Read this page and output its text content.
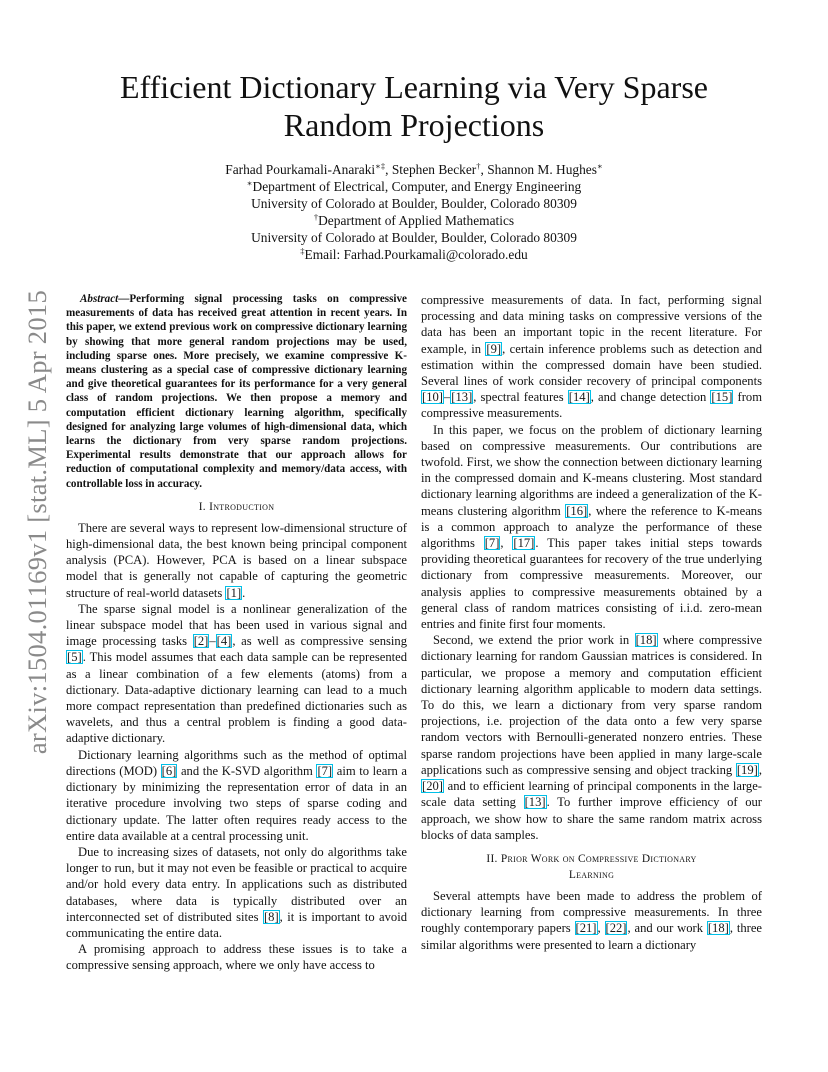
arXiv:1504.01169v1 [stat.ML] 5 Apr 2015
Efficient Dictionary Learning via Very Sparse
Random Projections
Farhad Pourkamali-Anaraki∗‡, Stephen Becker†, Shannon M. Hughes∗
∗Department of Electrical, Computer, and Energy Engineering
University of Colorado at Boulder, Boulder, Colorado 80309
†Department of Applied Mathematics
University of Colorado at Boulder, Boulder, Colorado 80309
‡Email: Farhad.Pourkamali@colorado.edu

Abstract—Performing signal processing tasks on compressive measurements of data has received great attention in recent years. In this paper, we extend previous work on compressive dictionary learning by showing that more general random projections may be used, including sparse ones. More precisely, we examine compressive K-means clustering as a special case of compressive dictionary learning and give theoretical guarantees for its performance for a very general class of random projections. We then propose a memory and computation efficient dictionary learning algorithm, specifically designed for analyzing large volumes of high-dimensional data, which learns the dictionary from very sparse random projections. Experimental results demonstrate that our approach allows for reduction of computational complexity and memory/data access, with controllable loss in accuracy.

I. Introduction

There are several ways to represent low-dimensional structure of high-dimensional data, the best known being principal component analysis (PCA). However, PCA is based on a linear subspace model that is generally not capable of capturing the geometric structure of real-world datasets [1].

The sparse signal model is a nonlinear generalization of the linear subspace model that has been used in various signal and image processing tasks [2]–[4], as well as compressive sensing [5]. This model assumes that each data sample can be represented as a linear combination of a few elements (atoms) from a dictionary. Data-adaptive dictionary learning can lead to a much more compact representation than predefined dictionaries such as wavelets, and thus a central problem is finding a good data-adaptive dictionary.

Dictionary learning algorithms such as the method of optimal directions (MOD) [6] and the K-SVD algorithm [7] aim to learn a dictionary by minimizing the representation error of data in an iterative procedure involving two steps of sparse coding and dictionary update. The latter often requires ready access to the entire data available at a central processing unit.

Due to increasing sizes of datasets, not only do algorithms take longer to run, but it may not even be feasible or practical to acquire and/or hold every data entry. In applications such as distributed databases, where data is typically distributed over an interconnected set of distributed sites [8], it is important to avoid communicating the entire data.

A promising approach to address these issues is to take a compressive sensing approach, where we only have access to

compressive measurements of data. In fact, performing signal processing and data mining tasks on compressive versions of the data has been an important topic in the recent literature. For example, in [9], certain inference problems such as detection and estimation within the compressed domain have been studied. Several lines of work consider recovery of principal components [10]–[13], spectral features [14], and change detection [15] from compressive measurements.

In this paper, we focus on the problem of dictionary learning based on compressive measurements. Our contributions are twofold. First, we show the connection between dictionary learning in the compressed domain and K-means clustering. Most standard dictionary learning algorithms are indeed a generalization of the K-means clustering algorithm [16], where the reference to K-means is a common approach to analyze the performance of these algorithms [7], [17]. This paper takes initial steps towards providing theoretical guarantees for recovery of the true underlying dictionary from compressive measurements. Moreover, our analysis applies to compressive measurements obtained by a general class of random matrices consisting of i.i.d. zero-mean entries and finite first four moments.

Second, we extend the prior work in [18] where compressive dictionary learning for random Gaussian matrices is considered. In particular, we propose a memory and computation efficient dictionary learning algorithm applicable to modern data settings. To do this, we learn a dictionary from very sparse random projections, i.e. projection of the data onto a few very sparse random vectors with Bernoulli-generated nonzero entries. These sparse random projections have been applied in many large-scale applications such as compressive sensing and object tracking [19], [20] and to efficient learning of principal components in the large-scale data setting [13]. To further improve efficiency of our approach, we show how to share the same random matrix across blocks of data samples.

II. Prior Work on Compressive Dictionary
Learning

Several attempts have been made to address the problem of dictionary learning from compressive measurements. In three roughly contemporary papers [21], [22], and our work [18], three similar algorithms were presented to learn a dictionary
